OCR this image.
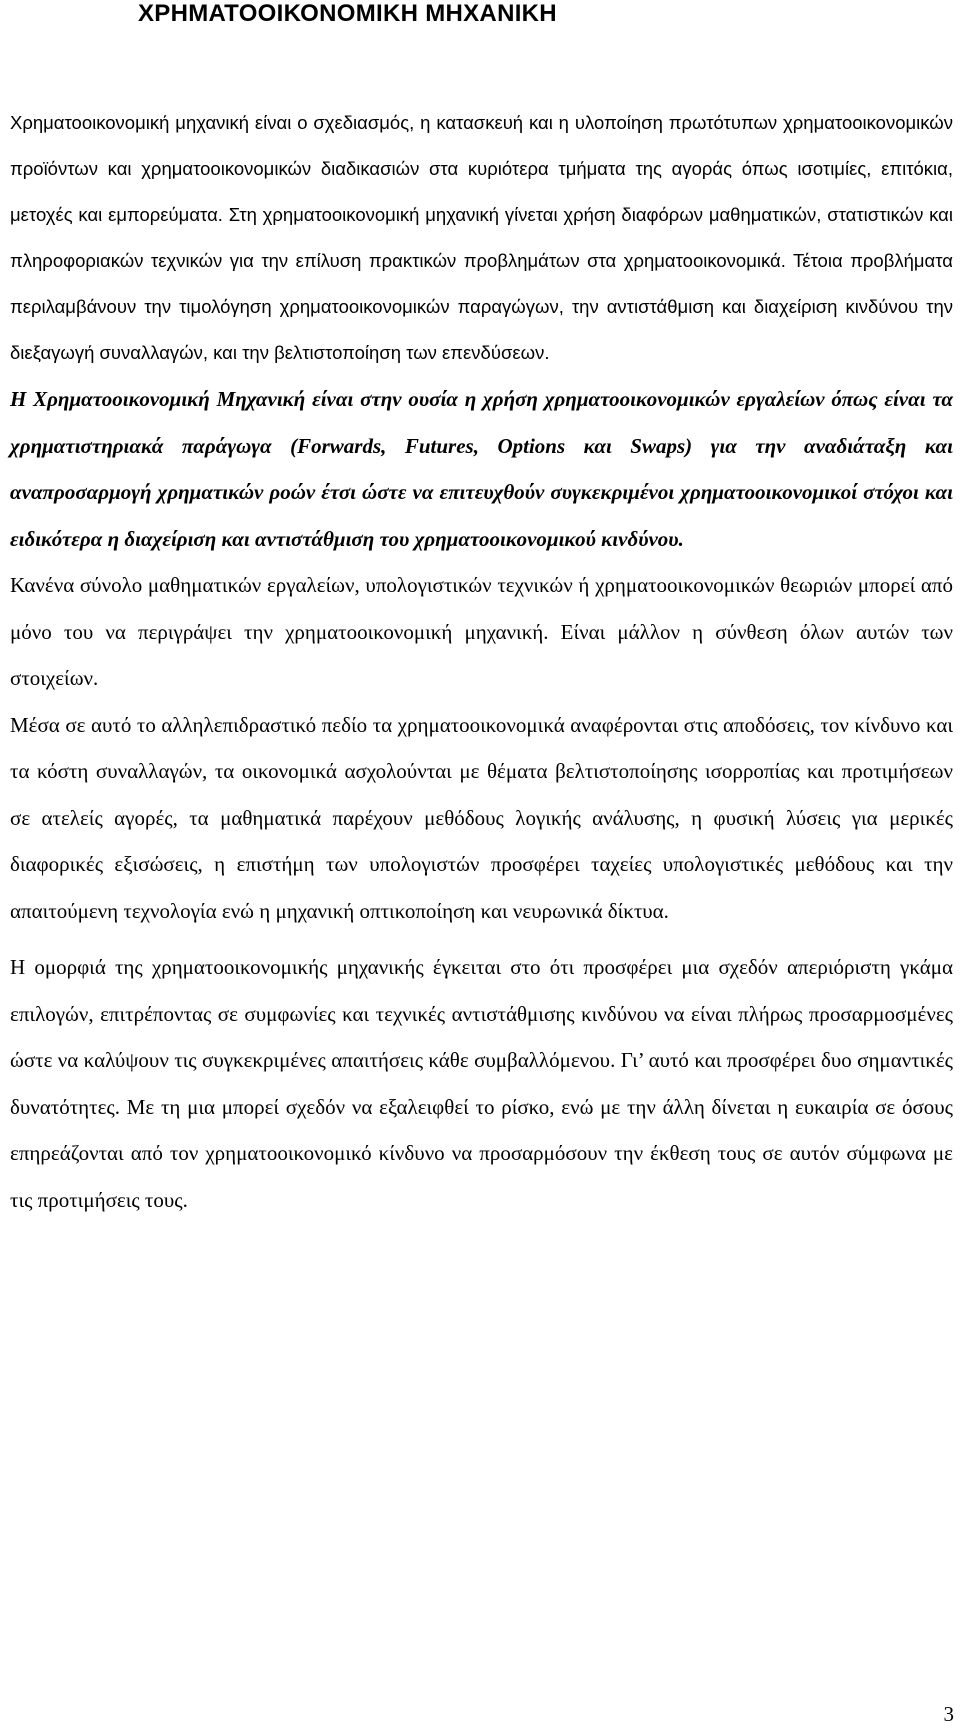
ΧΡΗΜΑΤΟΟΙΚΟΝΟΜΙΚΗ ΜΗΧΑΝΙΚΗ

Χρηματοοικονομική μηχανική είναι ο σχεδιασμός, η κατασκευή και η υλοποίηση πρωτότυπων χρηματοοικονομικών προϊόντων και χρηματοοικονομικών διαδικασιών στα κυριότερα τμήματα της αγοράς όπως ισοτιμίες, επιτόκια, μετοχές και εμπορεύματα. Στη χρηματοοικονομική μηχανική γίνεται χρήση διαφόρων μαθηματικών, στατιστικών και πληροφοριακών τεχνικών για την επίλυση πρακτικών προβλημάτων στα χρηματοοικονομικά. Τέτοια προβλήματα περιλαμβάνουν την τιμολόγηση χρηματοοικονομικών παραγώγων, την αντιστάθμιση και διαχείριση κινδύνου την διεξαγωγή συναλλαγών, και την βελτιστοποίηση των επενδύσεων.

Η Χρηματοοικονομική Μηχανική είναι στην ουσία η χρήση χρηματοοικονομικών εργαλείων όπως είναι τα χρηματιστηριακά παράγωγα (Forwards, Futures, Options και Swaps) για την αναδιάταξη και αναπροσαρμογή χρηματικών ροών έτσι ώστε να επιτευχθούν συγκεκριμένοι χρηματοοικονομικοί στόχοι και ειδικότερα η διαχείριση και αντιστάθμιση του χρηματοοικονομικού κινδύνου.

Κανένα σύνολο μαθηματικών εργαλείων, υπολογιστικών τεχνικών ή χρηματοοικονομικών θεωριών μπορεί από μόνο του να περιγράψει την χρηματοοικονομική μηχανική. Είναι μάλλον η σύνθεση όλων αυτών των στοιχείων.

Μέσα σε αυτό το αλληλεπιδραστικό πεδίο τα χρηματοοικονομικά αναφέρονται στις αποδόσεις, τον κίνδυνο και τα κόστη συναλλαγών, τα οικονομικά ασχολούνται με θέματα βελτιστοποίησης ισορροπίας και προτιμήσεων σε ατελείς αγορές, τα μαθηματικά παρέχουν μεθόδους λογικής ανάλυσης, η φυσική λύσεις για μερικές διαφορικές εξισώσεις, η επιστήμη των υπολογιστών προσφέρει ταχείες υπολογιστικές μεθόδους και την απαιτούμενη τεχνολογία ενώ η μηχανική οπτικοποίηση και νευρωνικά δίκτυα.

Η ομορφιά της χρηματοοικονομικής μηχανικής έγκειται στο ότι προσφέρει μια σχεδόν απεριόριστη γκάμα επιλογών, επιτρέποντας σε συμφωνίες και τεχνικές αντιστάθμισης κινδύνου να είναι πλήρως προσαρμοσμένες ώστε να καλύψουν τις συγκεκριμένες απαιτήσεις κάθε συμβαλλόμενου. Γι’ αυτό και προσφέρει δυο σημαντικές δυνατότητες. Με τη μια μπορεί σχεδόν να εξαλειφθεί το ρίσκο, ενώ με την άλλη δίνεται η ευκαιρία σε όσους επηρεάζονται από τον χρηματοοικονομικό κίνδυνο να προσαρμόσουν την έκθεση τους σε αυτόν σύμφωνα με τις προτιμήσεις τους.

3
